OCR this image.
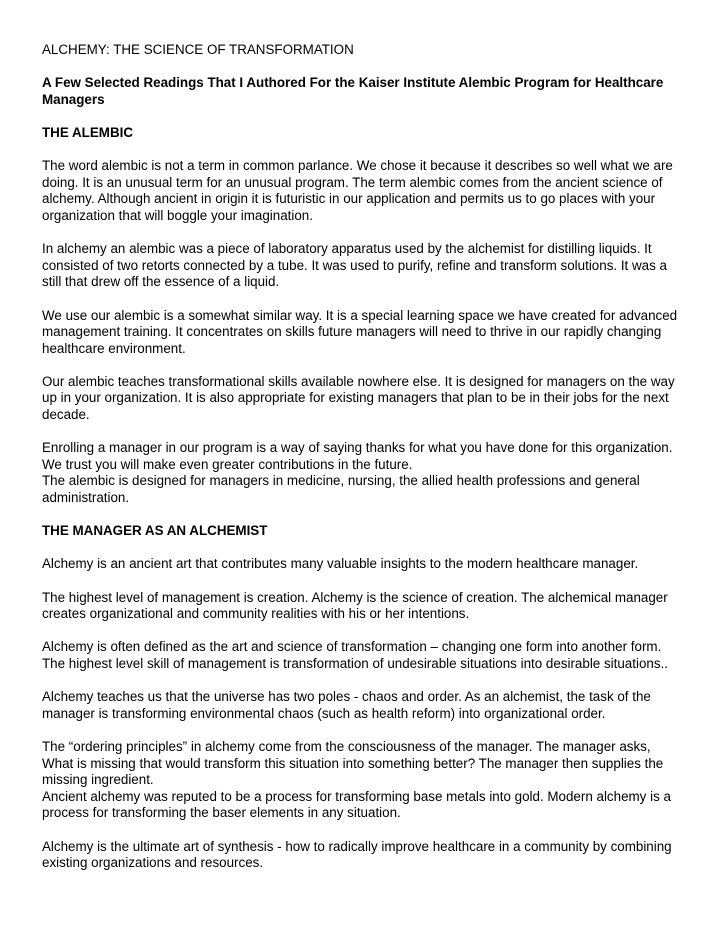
ALCHEMY: THE SCIENCE OF TRANSFORMATION

A Few Selected Readings That I Authored For the Kaiser Institute Alembic Program for Healthcare Managers

THE ALEMBIC

The word alembic is not a term in common parlance. We chose it because it describes so well what we are doing. It is an unusual term for an unusual program. The term alembic comes from the ancient science of alchemy. Although ancient in origin it is futuristic in our application and permits us to go places with your organization that will boggle your imagination.

In alchemy an alembic was a piece of laboratory apparatus used by the alchemist for distilling liquids. It consisted of two retorts connected by a tube. It was used to purify, refine and transform solutions. It was a still that drew off the essence of a liquid.

We use our alembic is a somewhat similar way. It is a special learning space we have created for advanced management training. It concentrates on skills future managers will need to thrive in our rapidly changing healthcare environment.

Our alembic teaches transformational skills available nowhere else. It is designed for managers on the way up in your organization. It is also appropriate for existing managers that plan to be in their jobs for the next decade.

Enrolling a manager in our program is a way of saying thanks for what you have done for this organization. We trust you will make even greater contributions in the future.

The alembic is designed for managers in medicine, nursing, the allied health professions and general administration.

THE MANAGER AS AN ALCHEMIST

Alchemy is an ancient art that contributes many valuable insights to the modern healthcare manager.

The highest level of management is creation. Alchemy is the science of creation. The alchemical manager creates organizational and community realities with his or her intentions.

Alchemy is often defined as the art and science of transformation – changing one form into another form. The highest level skill of management is transformation of undesirable situations into desirable situations..

Alchemy teaches us that the universe has two poles - chaos and order. As an alchemist, the task of the manager is transforming environmental chaos (such as health reform) into organizational order.

The “ordering principles” in alchemy come from the consciousness of the manager. The manager asks, What is missing that would transform this situation into something better? The manager then supplies the missing ingredient.

Ancient alchemy was reputed to be a process for transforming base metals into gold. Modern alchemy is a process for transforming the baser elements in any situation.

Alchemy is the ultimate art of synthesis - how to radically improve healthcare in a community by combining existing organizations and resources.
